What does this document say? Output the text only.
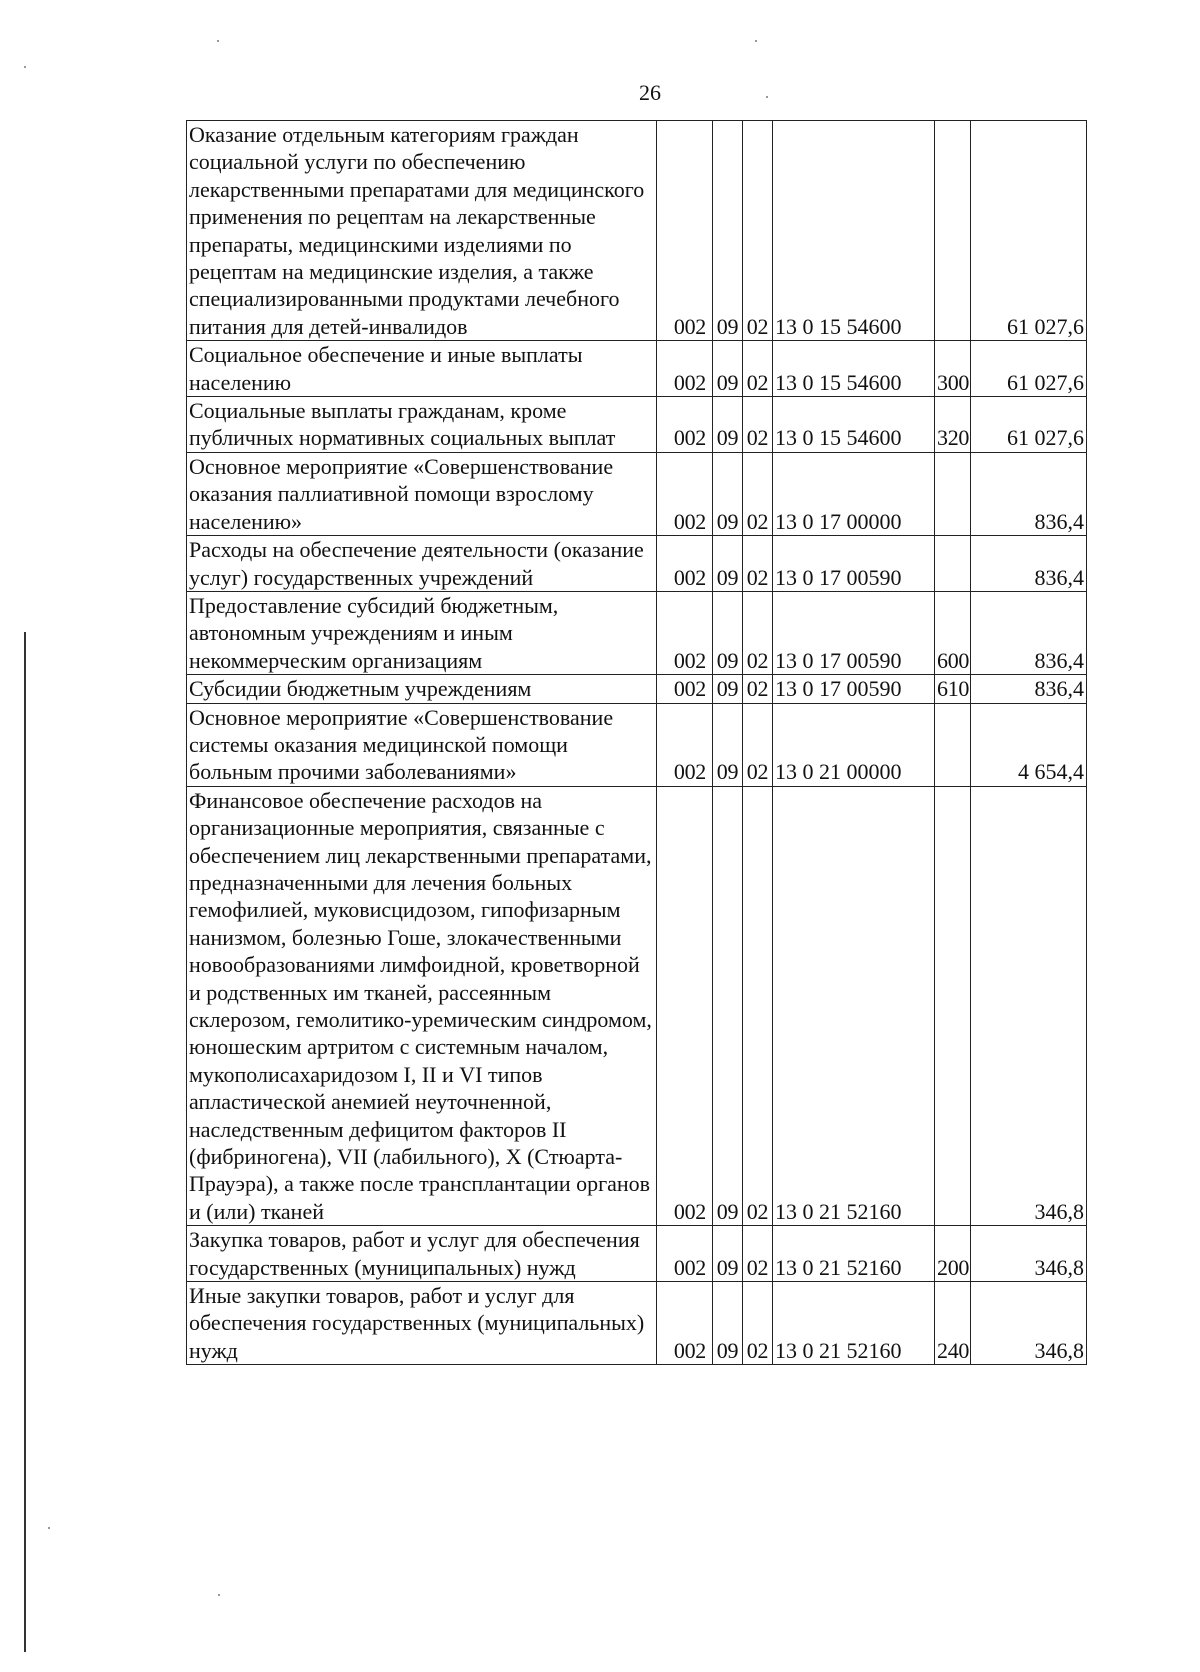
26
Оказание отдельным категориям граждан социальной услуги по обеспечению лекарственными препаратами для медицинского применения по рецептам на лекарственные препараты, медицинскими изделиями по рецептам на медицинские изделия, а также специализированными продуктами лечебного питания для детей-инвалидов	002	09	02	13 0 15 54600		61 027,6
Социальное обеспечение и иные выплаты населению	002	09	02	13 0 15 54600	300	61 027,6
Социальные выплаты гражданам, кроме публичных нормативных социальных выплат	002	09	02	13 0 15 54600	320	61 027,6
Основное мероприятие «Совершенствование оказания паллиативной помощи взрослому населению»	002	09	02	13 0 17 00000		836,4
Расходы на обеспечение деятельности (оказание услуг) государственных учреждений	002	09	02	13 0 17 00590		836,4
Предоставление субсидий бюджетным, автономным учреждениям и иным некоммерческим организациям	002	09	02	13 0 17 00590	600	836,4
Субсидии бюджетным учреждениям	002	09	02	13 0 17 00590	610	836,4
Основное мероприятие «Совершенствование системы оказания медицинской помощи больным прочими заболеваниями»	002	09	02	13 0 21 00000		4 654,4
Финансовое обеспечение расходов на организационные мероприятия, связанные с обеспечением лиц лекарственными препаратами, предназначенными для лечения больных гемофилией, муковисцидозом, гипофизарным нанизмом, болезнью Гоше, злокачественными новообразованиями лимфоидной, кроветворной и родственных им тканей, рассеянным склерозом, гемолитико-уремическим синдромом, юношеским артритом с системным началом, мукополисахаридозом I, II и VI типов апластической анемией неуточненной, наследственным дефицитом факторов II (фибриногена), VII (лабильного), X (Стюарта-Прауэра), а также после трансплантации органов и (или) тканей	002	09	02	13 0 21 52160		346,8
Закупка товаров, работ и услуг для обеспечения государственных (муниципальных) нужд	002	09	02	13 0 21 52160	200	346,8
Иные закупки товаров, работ и услуг для обеспечения государственных (муниципальных) нужд	002	09	02	13 0 21 52160	240	346,8
